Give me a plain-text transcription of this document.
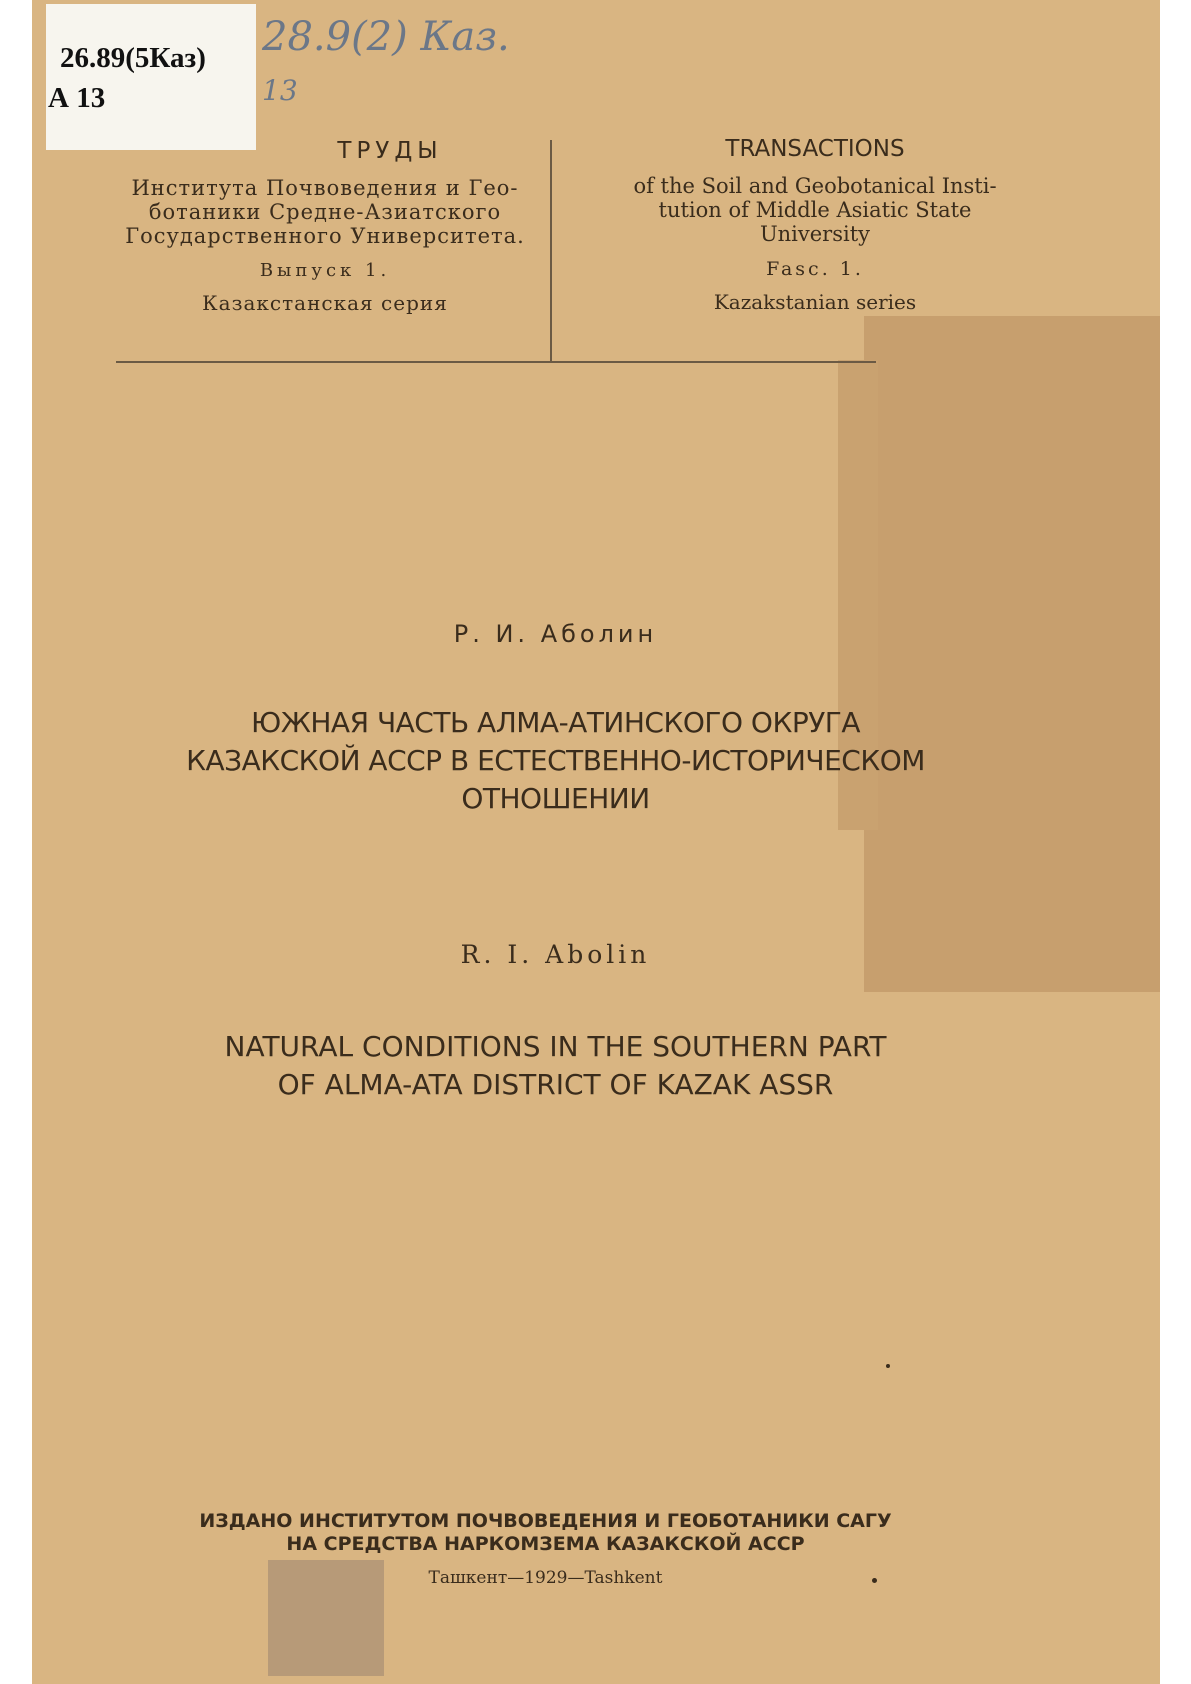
26.89(5Каз)
А 13
28.9(2) Каз.
13
ТРУДЫ
Института Почвоведения и Гео-
ботаники Средне-Азиатского
Государственного Университета.
Выпуск 1.
Казакстанская серия
TRANSACTIONS
of the Soil and Geobotanical Insti-
tution of Middle Asiatic State
University
Fasc. 1.
Kazakstanian series
Р. И. Аболин
ЮЖНАЯ ЧАСТЬ АЛМА-АТИНСКОГО ОКРУГА
КАЗАКСКОЙ АССР В ЕСТЕСТВЕННО-ИСТОРИЧЕСКОМ
ОТНОШЕНИИ
R. I. Abolin
NATURAL CONDITIONS IN THE SOUTHERN PART
OF ALMA-ATA DISTRICT OF KAZAK ASSR
ИЗДАНО ИНСТИТУТОМ ПОЧВОВЕДЕНИЯ И ГЕОБОТАНИКИ САГУ
НА СРЕДСТВА НАРКОМЗЕМА КАЗАКСКОЙ АССР
Ташкент—1929—Tashkent
